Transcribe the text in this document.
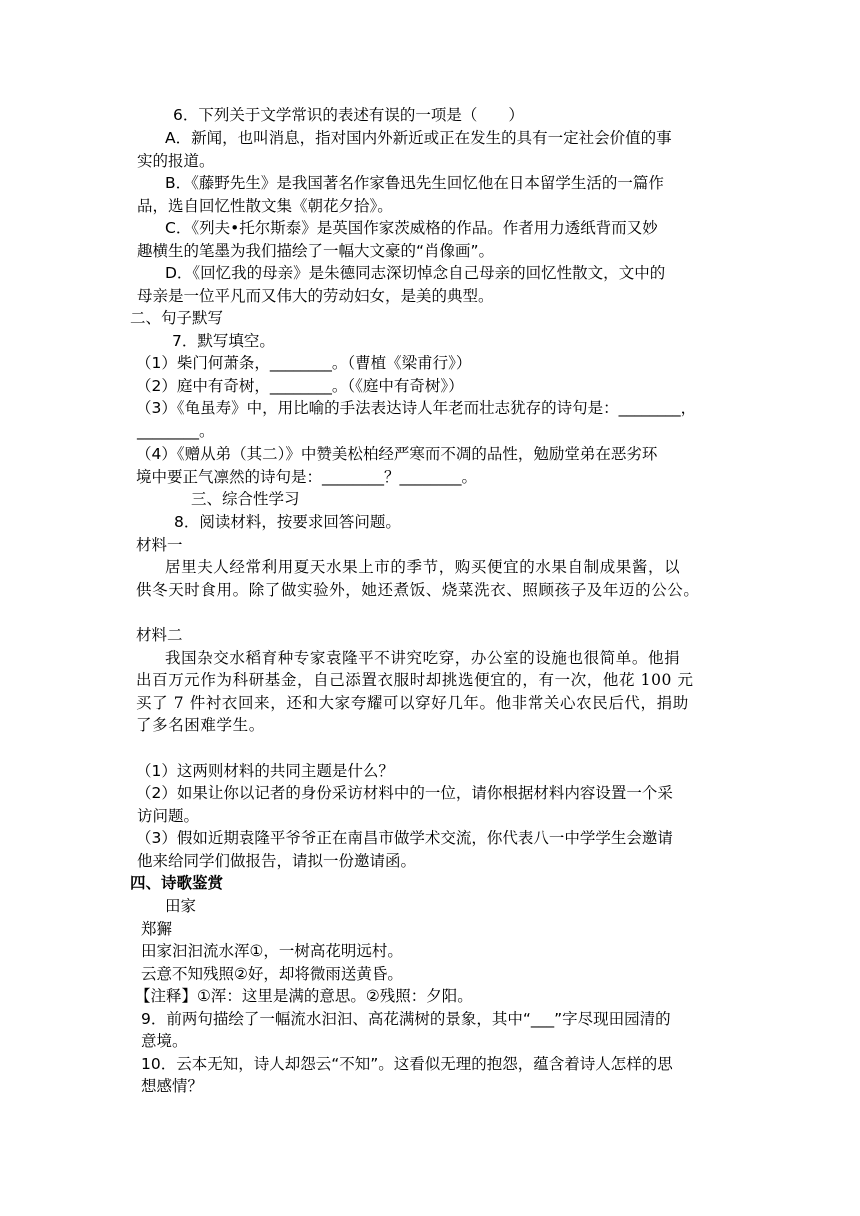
6．下列关于文学常识的表述有误的一项是（　　）
A．新闻，也叫消息，指对国内外新近或正在发生的具有一定社会价值的事
实的报道。
B．《藤野先生》是我国著名作家鲁迅先生回忆他在日本留学生活的一篇作
品，选自回忆性散文集《朝花夕拾》。
C．《列夫•托尔斯泰》是英国作家茨威格的作品。作者用力透纸背而又妙
趣横生的笔墨为我们描绘了一幅大文豪的“肖像画”。
D．《回忆我的母亲》是朱德同志深切悼念自己母亲的回忆性散文，文中的
母亲是一位平凡而又伟大的劳动妇女，是美的典型。
二、句子默写
7．默写填空。
（1）柴门何萧条，________。（曹植《梁甫行》）
（2）庭中有奇树，________。（《庭中有奇树》）
（3）《龟虽寿》中，用比喻的手法表达诗人年老而壮志犹存的诗句是：________，
________。
（4）《赠从弟（其二）》中赞美松柏经严寒而不凋的品性，勉励堂弟在恶劣环
境中要正气凛然的诗句是：________？________。
三、综合性学习
8．阅读材料，按要求回答问题。
材料一
居里夫人经常利用夏天水果上市的季节，购买便宜的水果自制成果酱，以
供冬天时食用。除了做实验外，她还煮饭、烧菜洗衣、照顾孩子及年迈的公公。
材料二
我国杂交水稻育种专家袁隆平不讲究吃穿，办公室的设施也很简单。他捐
出百万元作为科研基金，自己添置衣服时却挑选便宜的，有一次，他花 100 元
买了 7 件衬衣回来，还和大家夸耀可以穿好几年。他非常关心农民后代，捐助
了多名困难学生。
（1）这两则材料的共同主题是什么？
（2）如果让你以记者的身份采访材料中的一位，请你根据材料内容设置一个采
访问题。
（3）假如近期袁隆平爷爷正在南昌市做学术交流，你代表八一中学学生会邀请
他来给同学们做报告，请拟一份邀请函。
四、诗歌鉴赏
田家
郑獬
田家汩汩流水浑①，一树高花明远村。
云意不知残照②好，却将微雨送黄昏。
【注释】①浑：这里是满的意思。②残照：夕阳。
9．前两句描绘了一幅流水汩汩、高花满树的景象，其中“___”字尽现田园清的
意境。
10．云本无知，诗人却怨云“不知”。这看似无理的抱怨，蕴含着诗人怎样的思
想感情？
